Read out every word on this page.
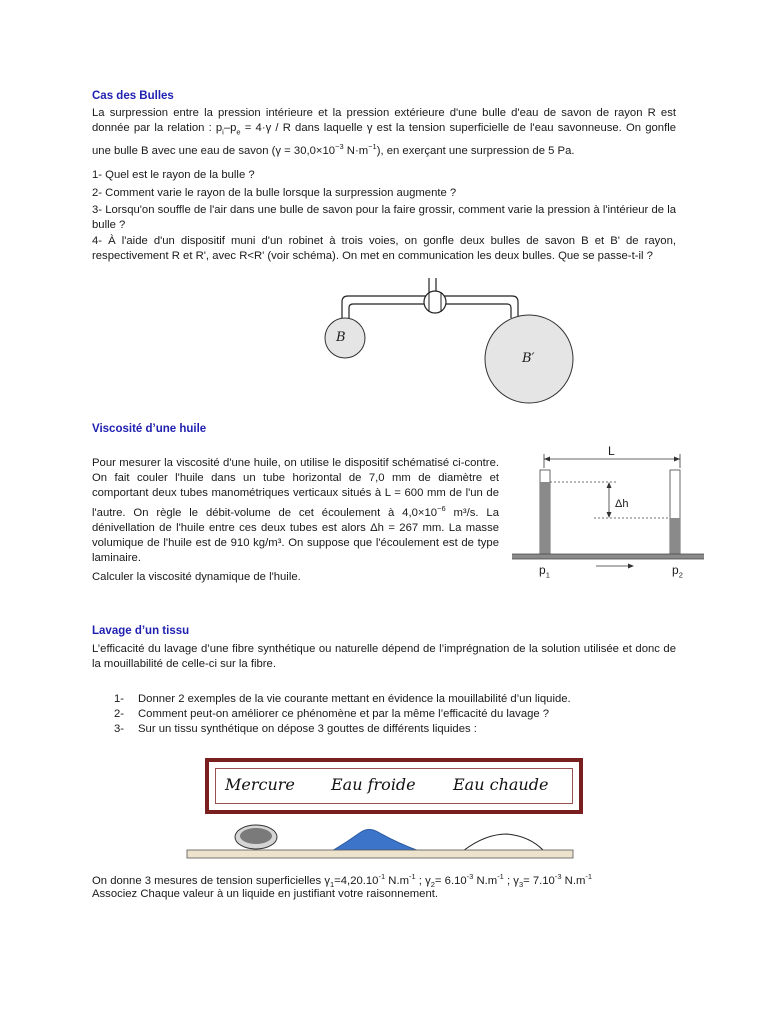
Cas des Bulles
La surpression entre la pression intérieure et la pression extérieure d'une bulle d'eau de savon de rayon R est donnée par la relation : $p_i-p_e = 4\cdot\gamma / R$ dans laquelle γ est la tension superficielle de l'eau savonneuse. On gonfle une bulle B avec une eau de savon ($\gamma = 30,0\times 10^{-3}$ $N\cdot m^{-1}$), en exerçant une surpression de 5 Pa.
1- Quel est le rayon de la bulle ?
2- Comment varie le rayon de la bulle lorsque la surpression augmente ?
3- Lorsqu'on souffle de l'air dans une bulle de savon pour la faire grossir, comment varie la pression à l'intérieur de la bulle ?
4- À l'aide d'un dispositif muni d'un robinet à trois voies, on gonfle deux bulles de savon B et B' de rayon, respectivement R et R', avec R<R' (voir schéma). On met en communication les deux bulles. Que se passe-t-il ?
B
B′
Viscosité d’une huile
Pour mesurer la viscosité d'une huile, on utilise le dispositif schématisé ci-contre. On fait couler l'huile dans un tube horizontal de 7,0 mm de diamètre et comportant deux tubes manométriques verticaux situés à L = 600 mm de l'un de l'autre. On règle le débit-volume de cet écoulement à $4,0\times 10^{-6}$ m³/s. La dénivellation de l'huile entre ces deux tubes est alors Δh = 267 mm. La masse volumique de l'huile est de 910 kg/m³. On suppose que l'écoulement est de type laminaire.
Calculer la viscosité dynamique de l'huile.
L
Δh
$p_1$	$p_2$
Lavage d’un tissu
L’efficacité du lavage d’une fibre synthétique ou naturelle dépend de l’imprégnation de la solution utilisée et donc de la mouillabilité de celle-ci sur la fibre.
1- Donner 2 exemples de la vie courante mettant en évidence la mouillabilité d’un liquide.
2- Comment peut-on améliorer ce phénomène et par la même l’efficacité du lavage ?
3- Sur un tissu synthétique on dépose 3 gouttes de différents liquides :
Mercure Eau froide Eau chaude
On donne 3 mesures de tension superficielles $\gamma_1=4,20.10^{-1}$ $N.m^{-1}$ ; $\gamma_2= 6.10^{-3}$ $N.m^{-1}$ ; $\gamma_3= 7.10^{-3}$ $N.m^{-1}$
Associez Chaque valeur à un liquide en justifiant votre raisonnement.
